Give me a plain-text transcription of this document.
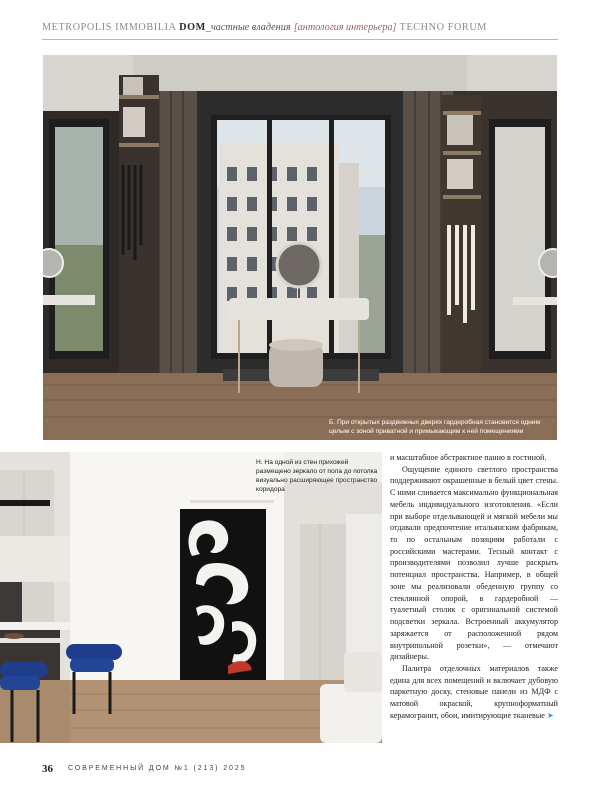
METROPOLIS IMMOBILIA DOM_частные владения [антология интерьера] TECHNO FORUM
Б. При открытых раздвижных дверях гардеробная становится одним целым с зоной приватной и примыкающим к ней помещениями
Н. На одной из стен прихожей размещено зеркало от пола до потолка визуально расширяющее пространство коридора

и масштабное абстрактное панно в гостиной.

Ощущение единого светлого пространства поддерживают окрашенные в белый цвет стены. С ними сливается максимально функциональная мебель индивидуального изготовления. «Если при выборе отделывающей и мягкой мебели мы отдавали предпочтение итальянским фабрикам, то по остальным позициям работали с российскими мастерами. Тесный контакт с производителями позволил лучше раскрыть потенциал пространства. Например, в общей зоне мы реализовали обеденную группу со стеклянной опорой, в гардеробной — туалетный столик с оригинальной системой подсветки зеркала. Встроенный аккумулятор заряжается от расположенной рядом внутрипольной розетки», — отмечают дизайнеры.

Палитра отделочных материалов также едина для всех помещений и включает дубовую паркетную доску, стеновые панели из МДФ с матовой окраской, крупноформатный керамогранит, обои, имитирующие тканевые ➤

36 СОВРЕМЕННЫЙ ДОМ №1 (213) 2025
